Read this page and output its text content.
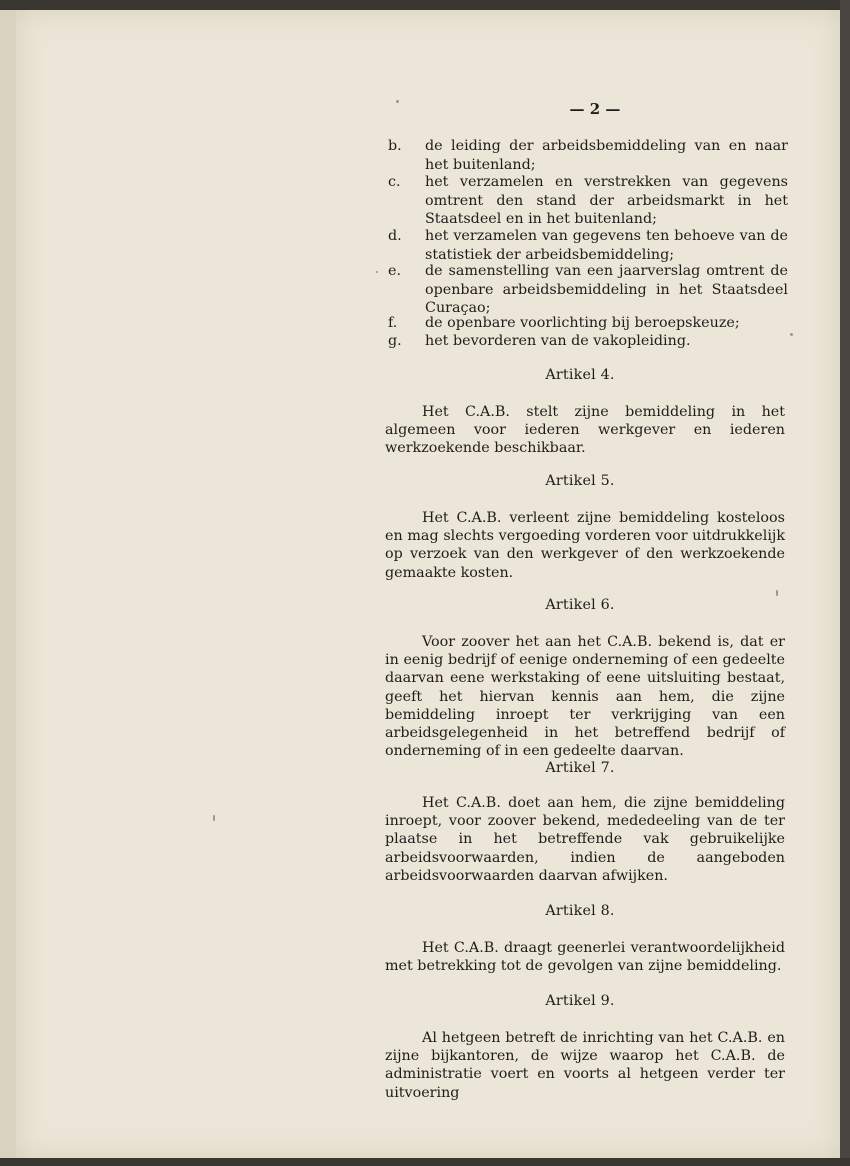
— 2 —
b.	de leiding der arbeidsbemiddeling van en naar het buitenland;
c.	het verzamelen en verstrekken van gegevens omtrent den stand der arbeidsmarkt in het Staatsdeel en in het buitenland;
d.	het verzamelen van gegevens ten behoeve van de statistiek der arbeidsbemiddeling;
e.	de samenstelling van een jaarverslag omtrent de openbare arbeidsbemiddeling in het Staatsdeel Curaçao;
f.	de openbare voorlichting bij beroepskeuze;
g.	het bevorderen van de vakopleiding.
Artikel 4.
Het C.A.B. stelt zijne bemiddeling in het algemeen voor iederen werkgever en iederen werkzoekende beschikbaar.
Artikel 5.
Het C.A.B. verleent zijne bemiddeling kosteloos en mag slechts vergoeding vorderen voor uitdrukkelijk op verzoek van den werkgever of den werkzoekende gemaakte kosten.
Artikel 6.
Voor zoover het aan het C.A.B. bekend is, dat er in eenig bedrijf of eenige onderneming of een gedeelte daarvan eene werkstaking of eene uitsluiting bestaat, geeft het hiervan kennis aan hem, die zijne bemiddeling inroept ter verkrijging van een arbeidsgelegenheid in het betreffend bedrijf of onderneming of in een gedeelte daarvan.
Artikel 7.
Het C.A.B. doet aan hem, die zijne bemiddeling inroept, voor zoover bekend, mededeeling van de ter plaatse in het betreffende vak gebruikelijke arbeidsvoorwaarden, indien de aangeboden arbeidsvoorwaarden daarvan afwijken.
Artikel 8.
Het C.A.B. draagt geenerlei verantwoordelijkheid met betrekking tot de gevolgen van zijne bemiddeling.
Artikel 9.
Al hetgeen betreft de inrichting van het C.A.B. en zijne bijkantoren, de wijze waarop het C.A.B. de administratie voert en voorts al hetgeen verder ter uitvoering
